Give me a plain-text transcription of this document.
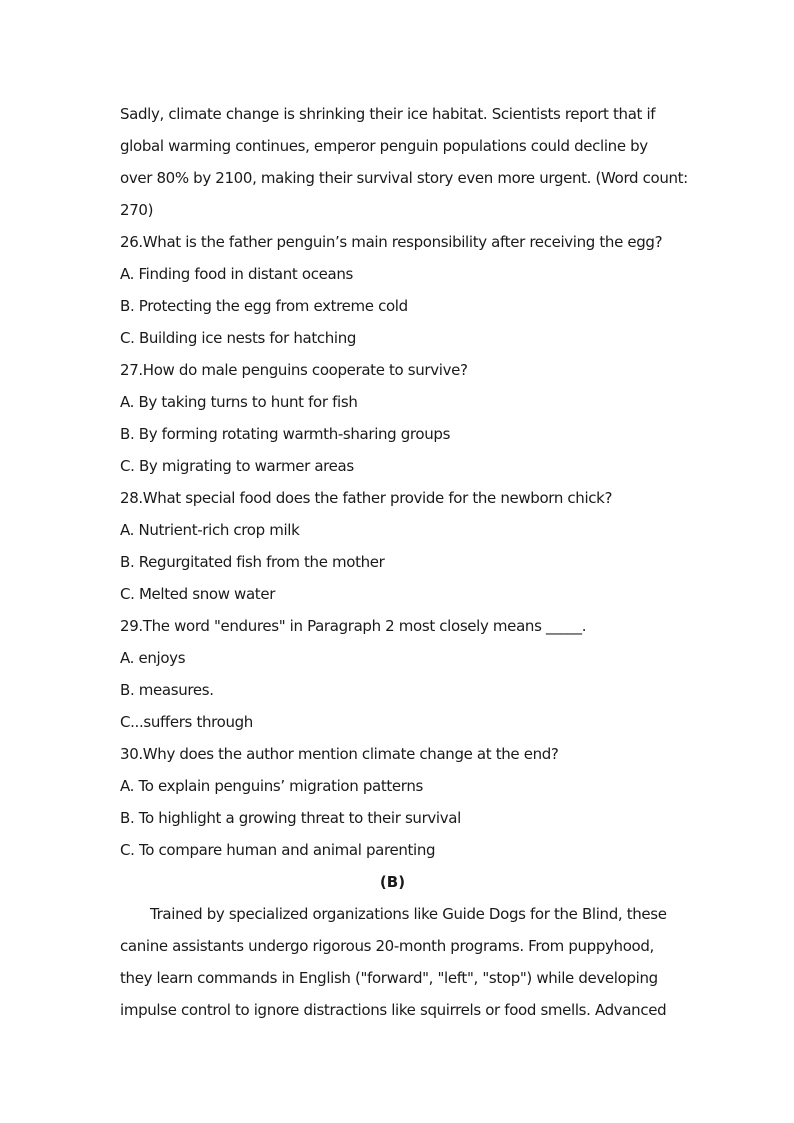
Sadly, climate change is shrinking their ice habitat. Scientists report that if

global warming continues, emperor penguin populations could decline by

over 80% by 2100, making their survival story even more urgent. (Word count:

270)

26.What is the father penguin’s main responsibility after receiving the egg?

A. Finding food in distant oceans

B. Protecting the egg from extreme cold

C. Building ice nests for hatching

27.How do male penguins cooperate to survive?

A. By taking turns to hunt for fish

B. By forming rotating warmth-sharing groups

C. By migrating to warmer areas

28.What special food does the father provide for the newborn chick?

A. Nutrient-rich crop milk

B. Regurgitated fish from the mother

C. Melted snow water

29.The word "endures" in Paragraph 2 most closely means _____.

A. enjoys

B. measures.

C...suffers through

30.Why does the author mention climate change at the end?

A. To explain penguins’ migration patterns

B. To highlight a growing threat to their survival

C. To compare human and animal parenting

(B)

Trained by specialized organizations like Guide Dogs for the Blind, these

canine assistants undergo rigorous 20-month programs. From puppyhood,

they learn commands in English ("forward", "left", "stop") while developing

impulse control to ignore distractions like squirrels or food smells. Advanced
